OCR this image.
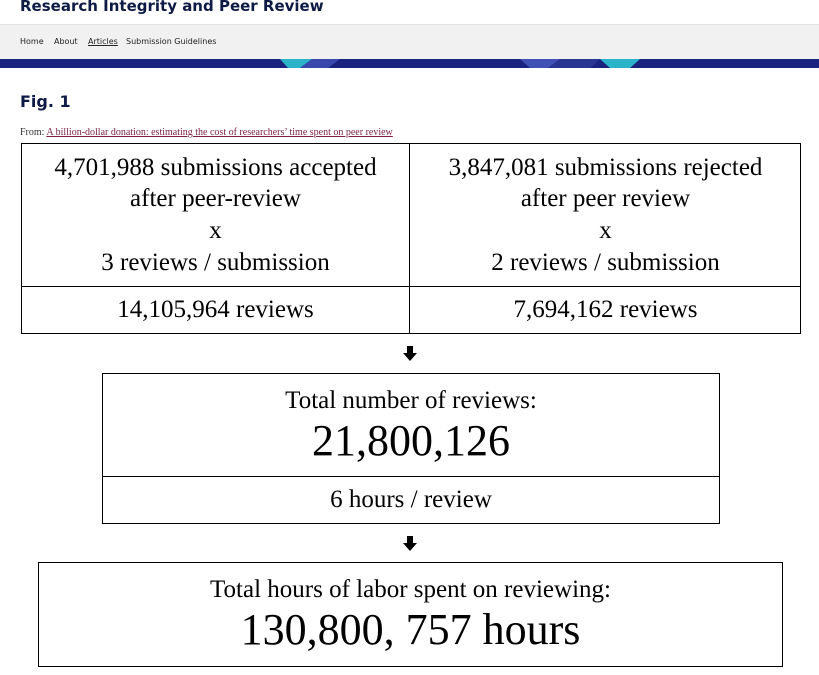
Research Integrity and Peer Review
Home About Articles Submission Guidelines
Fig. 1
From: A billion-dollar donation: estimating the cost of researchers’ time spent on peer review
4,701,988 submissions accepted
after peer-review
x
3 reviews / submission
3,847,081 submissions rejected
after peer review
x
2 reviews / submission
14,105,964 reviews	7,694,162 reviews
Total number of reviews:
21,800,126
6 hours / review
Total hours of labor spent on reviewing:
130,800, 757 hours
